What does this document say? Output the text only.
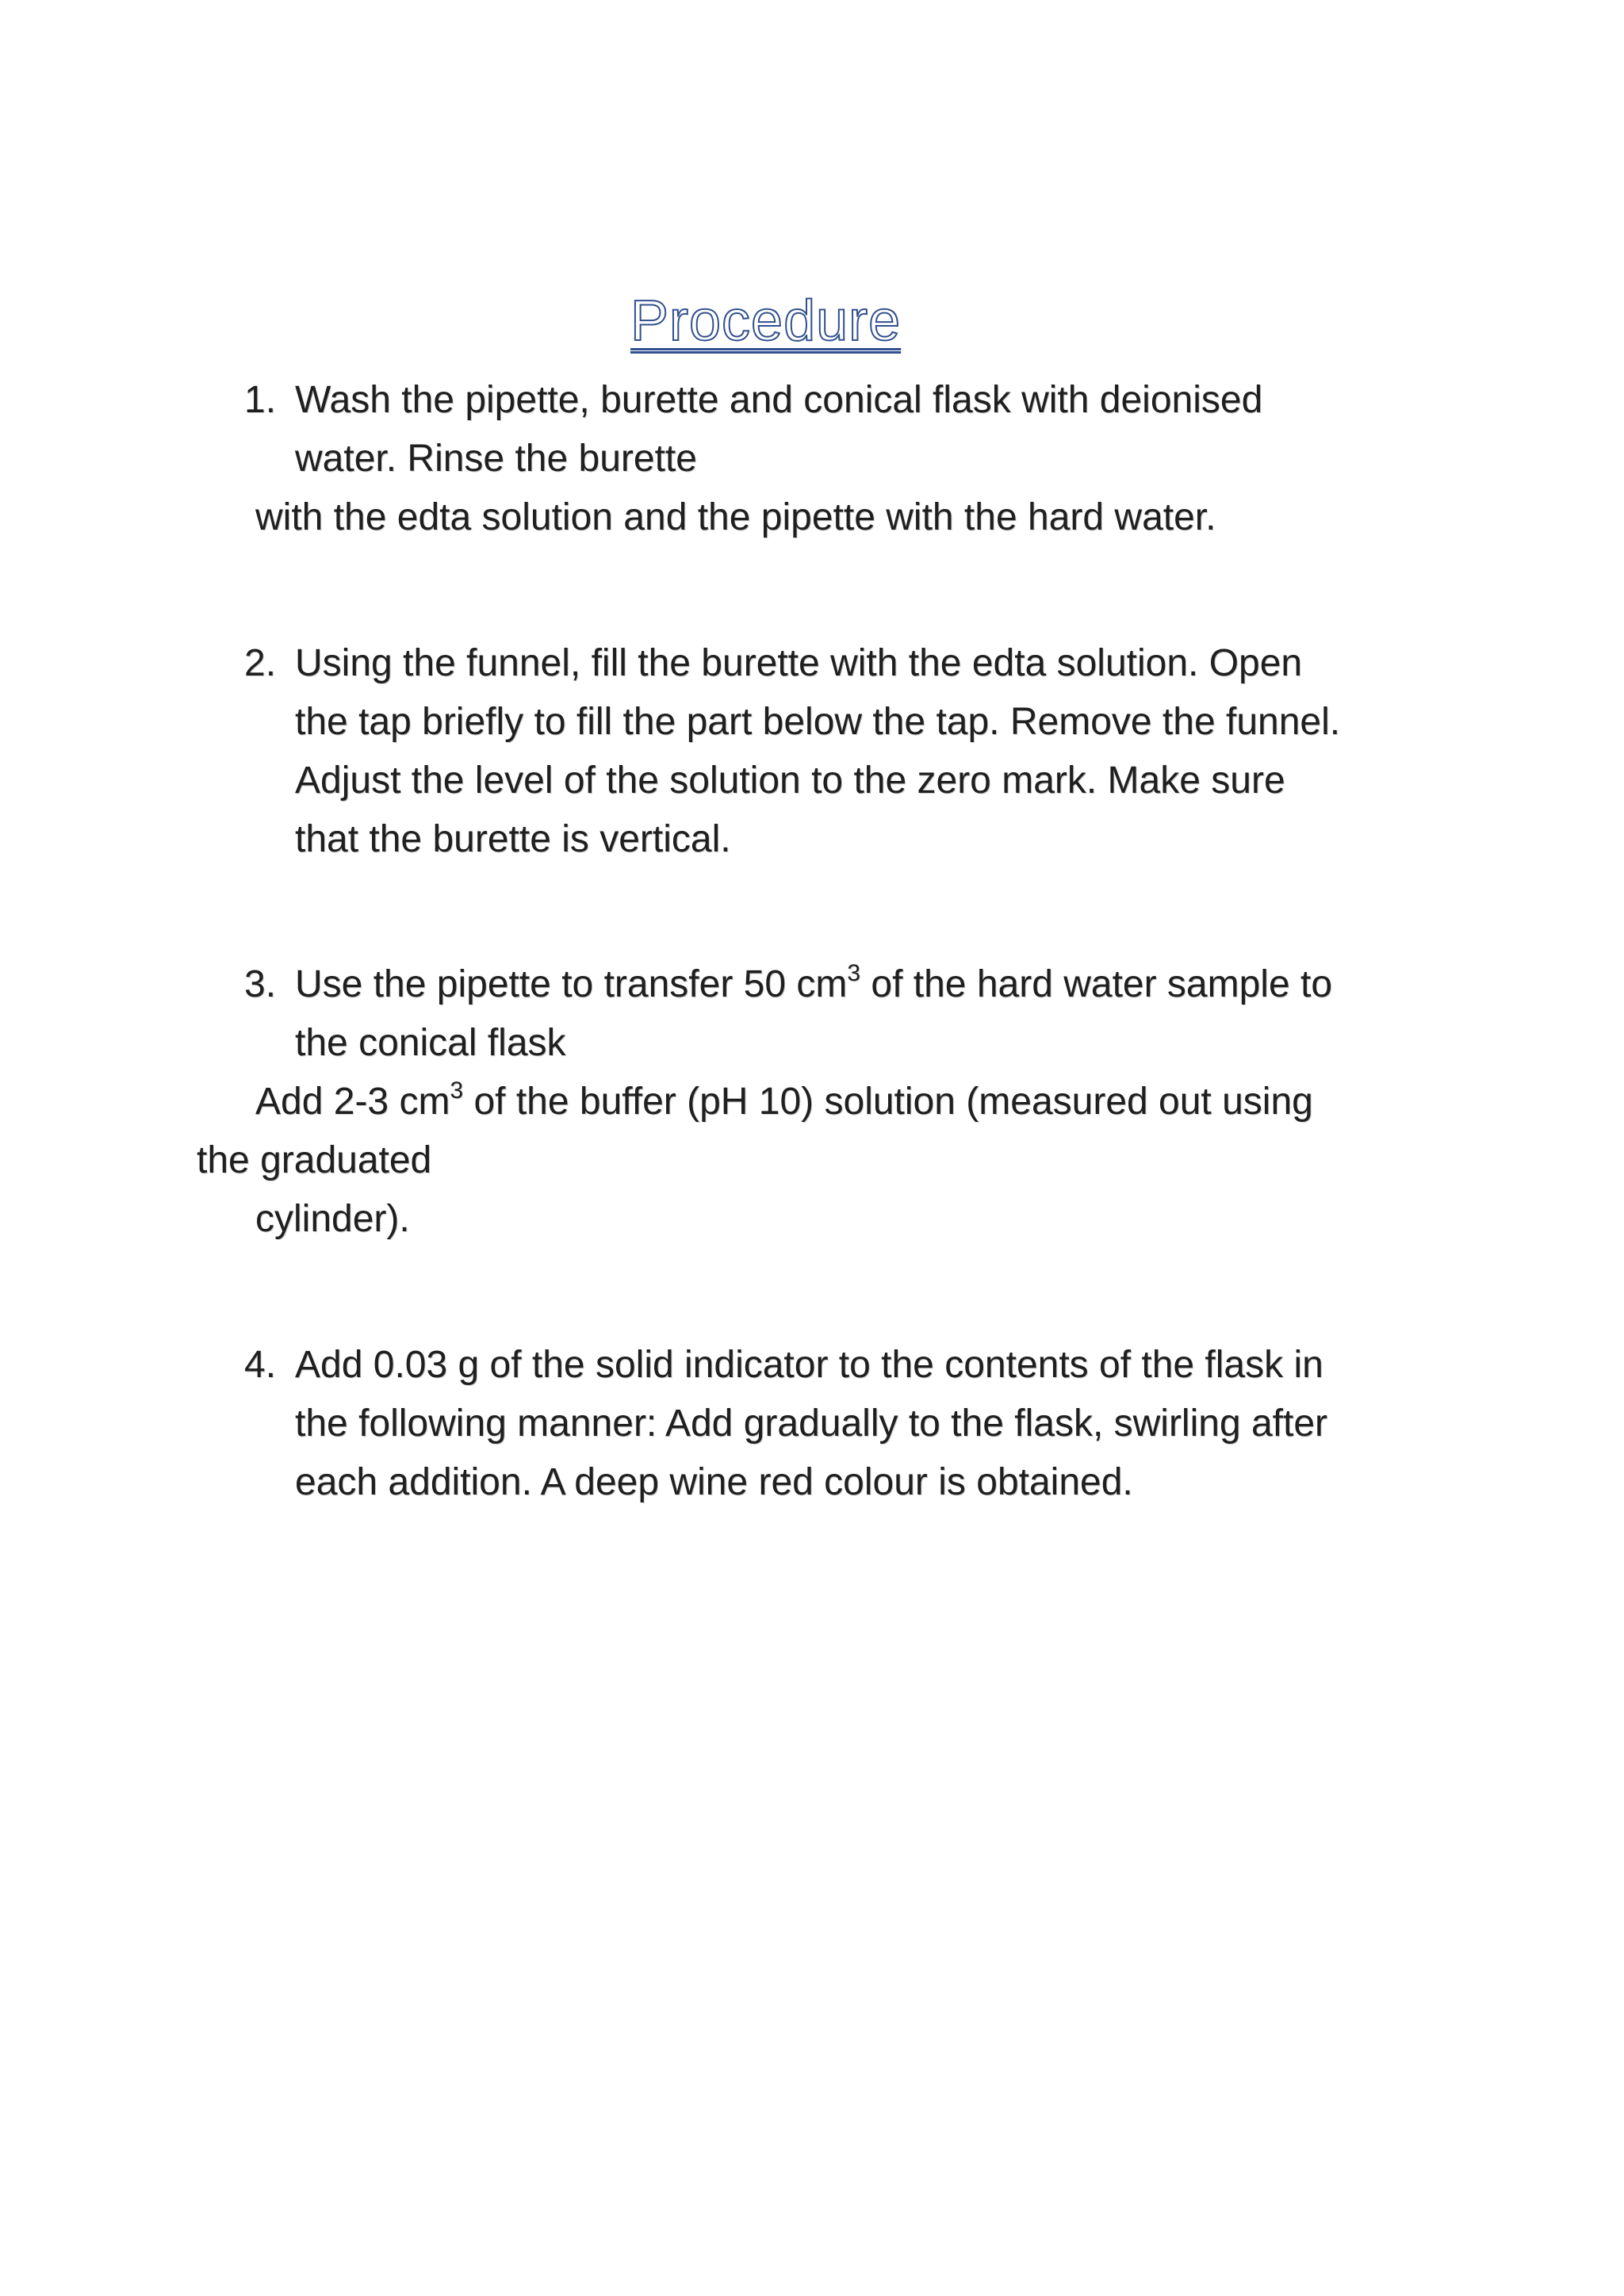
Procedure
1. Wash the pipette, burette and conical flask with deionised
water. Rinse the burette
with the edta solution and the pipette with the hard water.
2. Using the funnel, fill the burette with the edta solution. Open
the tap briefly to fill the part below the tap. Remove the funnel.
Adjust the level of the solution to the zero mark. Make sure
that the burette is vertical.
3. Use the pipette to transfer 50 $cm^3$ of the hard water sample to
the conical flask
Add 2-3 $cm^3$ of the buffer (pH 10) solution (measured out using
the graduated
cylinder).
4. Add 0.03 g of the solid indicator to the contents of the flask in
the following manner: Add gradually to the flask, swirling after
each addition. A deep wine red colour is obtained.
